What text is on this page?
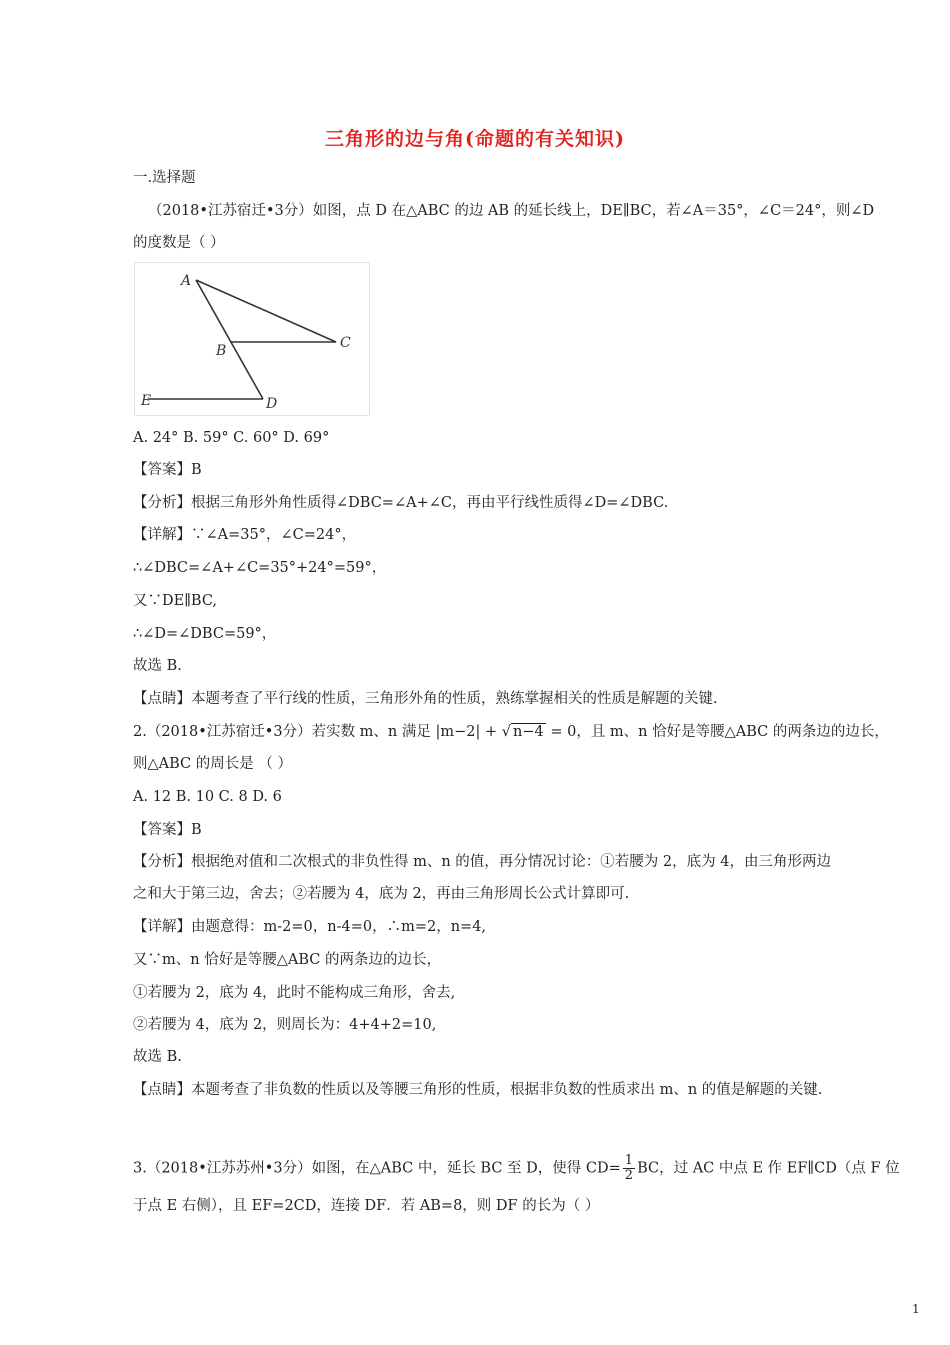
三角形的边与角(命题的有关知识)
一.选择题
（2018•江苏宿迁•3分）如图，点 D 在△ABC 的边 AB 的延长线上，DE∥BC，若∠A＝35°，∠C＝24°，则∠D
的度数是（ ）
A
B	C
D
E
A. 24° B. 59° C. 60° D. 69°
【答案】B
【分析】根据三角形外角性质得∠DBC=∠A+∠C，再由平行线性质得∠D=∠DBC.
【详解】∵∠A=35°，∠C=24°，
∴∠DBC=∠A+∠C=35°+24°=59°，
又∵DE∥BC,
∴∠D=∠DBC=59°，
故选 B.
【点睛】本题考查了平行线的性质，三角形外角的性质，熟练掌握相关的性质是解题的关键.
2.（2018•江苏宿迁•3分）若实数 m、n 满足 |m−2| + √ n−4 = 0，且 m、n 恰好是等腰△ABC 的两条边的边长，
则△ABC 的周长是 （ ）
A. 12 B. 10 C. 8 D. 6
【答案】B
【分析】根据绝对值和二次根式的非负性得 m、n 的值，再分情况讨论：①若腰为 2，底为 4，由三角形两边
之和大于第三边，舍去；②若腰为 4，底为 2，再由三角形周长公式计算即可.
【详解】由题意得：m-2=0，n-4=0，∴m=2，n=4,
又∵m、n 恰好是等腰△ABC 的两条边的边长，
①若腰为 2，底为 4，此时不能构成三角形，舍去,
②若腰为 4，底为 2，则周长为：4+4+2=10,
故选 B.
【点睛】本题考查了非负数的性质以及等腰三角形的性质，根据非负数的性质求出 m、n 的值是解题的关键.
3.（2018•江苏苏州•3分）如图，在△ABC 中，延长 BC 至 D，使得 $CD= \frac{1}{2}$ BC，过 AC 中点 E 作 EF∥CD（点 F 位
于点 E 右侧），且 EF=2CD，连接 DF．若 AB=8，则 DF 的长为（ ）
1
